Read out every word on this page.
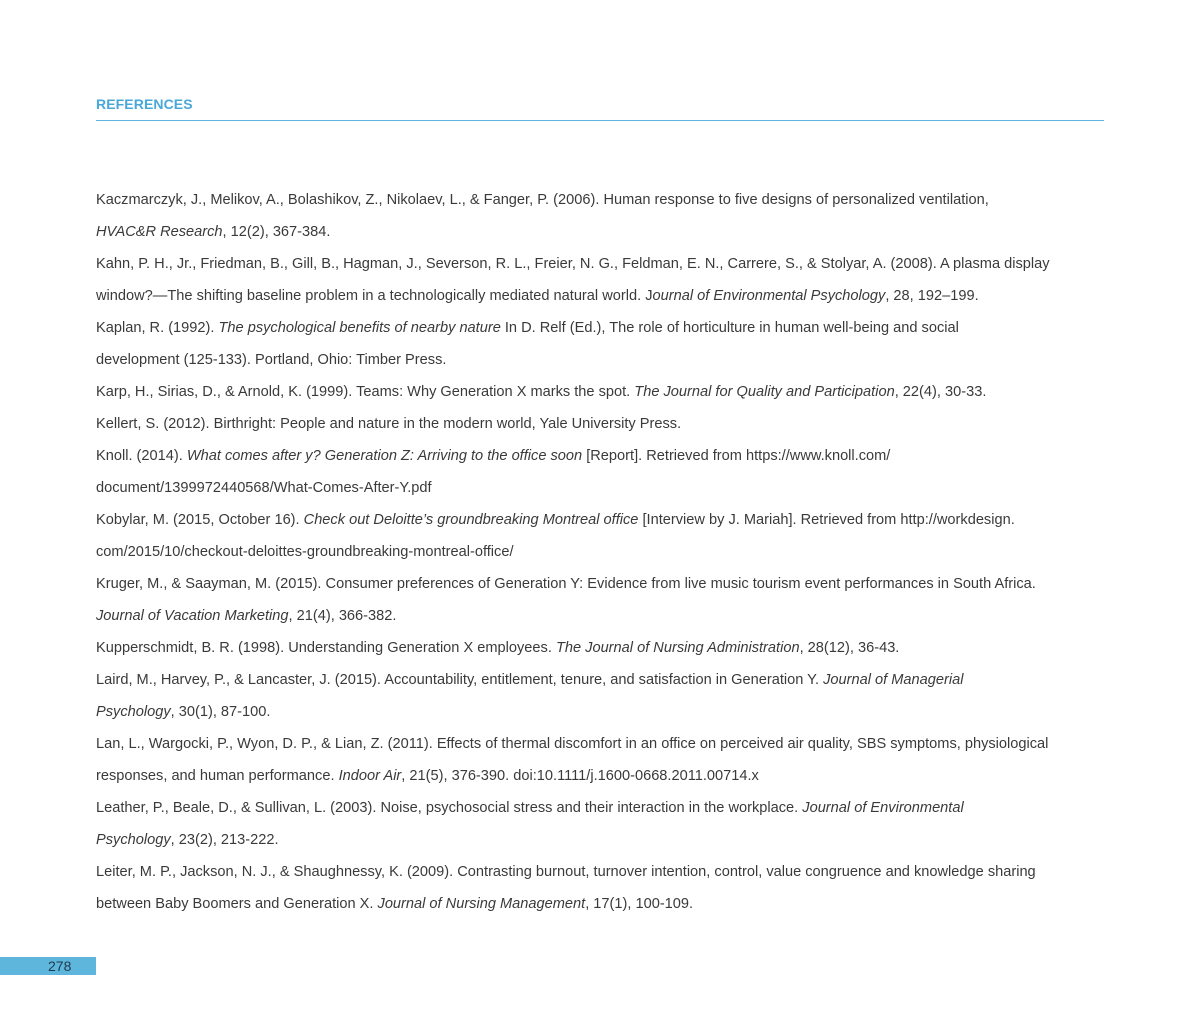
REFERENCES

Kaczmarczyk, J., Melikov, A., Bolashikov, Z., Nikolaev, L., & Fanger, P. (2006). Human response to five designs of personalized ventilation,
HVAC&R Research, 12(2), 367-384.

Kahn, P. H., Jr., Friedman, B., Gill, B., Hagman, J., Severson, R. L., Freier, N. G., Feldman, E. N., Carrere, S., & Stolyar, A. (2008). A plasma display
window?—The shifting baseline problem in a technologically mediated natural world. Journal of Environmental Psychology, 28, 192–199.

Kaplan, R. (1992). The psychological benefits of nearby nature In D. Relf (Ed.), The role of horticulture in human well-being and social
development (125-133). Portland, Ohio: Timber Press.

Karp, H., Sirias, D., & Arnold, K. (1999). Teams: Why Generation X marks the spot. The Journal for Quality and Participation, 22(4), 30-33.

Kellert, S. (2012). Birthright: People and nature in the modern world, Yale University Press.

Knoll. (2014). What comes after y? Generation Z: Arriving to the office soon [Report]. Retrieved from https://www.knoll.com/
document/1399972440568/What-Comes-After-Y.pdf

Kobylar, M. (2015, October 16). Check out Deloitte’s groundbreaking Montreal office [Interview by J. Mariah]. Retrieved from http://workdesign.
com/2015/10/checkout-deloittes-groundbreaking-montreal-office/

Kruger, M., & Saayman, M. (2015). Consumer preferences of Generation Y: Evidence from live music tourism event performances in South Africa.
Journal of Vacation Marketing, 21(4), 366-382.

Kupperschmidt, B. R. (1998). Understanding Generation X employees. The Journal of Nursing Administration, 28(12), 36-43.

Laird, M., Harvey, P., & Lancaster, J. (2015). Accountability, entitlement, tenure, and satisfaction in Generation Y. Journal of Managerial
Psychology, 30(1), 87-100.

Lan, L., Wargocki, P., Wyon, D. P., & Lian, Z. (2011). Effects of thermal discomfort in an office on perceived air quality, SBS symptoms, physiological
responses, and human performance. Indoor Air, 21(5), 376-390. doi:10.1111/j.1600-0668.2011.00714.x

Leather, P., Beale, D., & Sullivan, L. (2003). Noise, psychosocial stress and their interaction in the workplace. Journal of Environmental
Psychology, 23(2), 213-222.

Leiter, M. P., Jackson, N. J., & Shaughnessy, K. (2009). Contrasting burnout, turnover intention, control, value congruence and knowledge sharing
between Baby Boomers and Generation X. Journal of Nursing Management, 17(1), 100-109.

278
